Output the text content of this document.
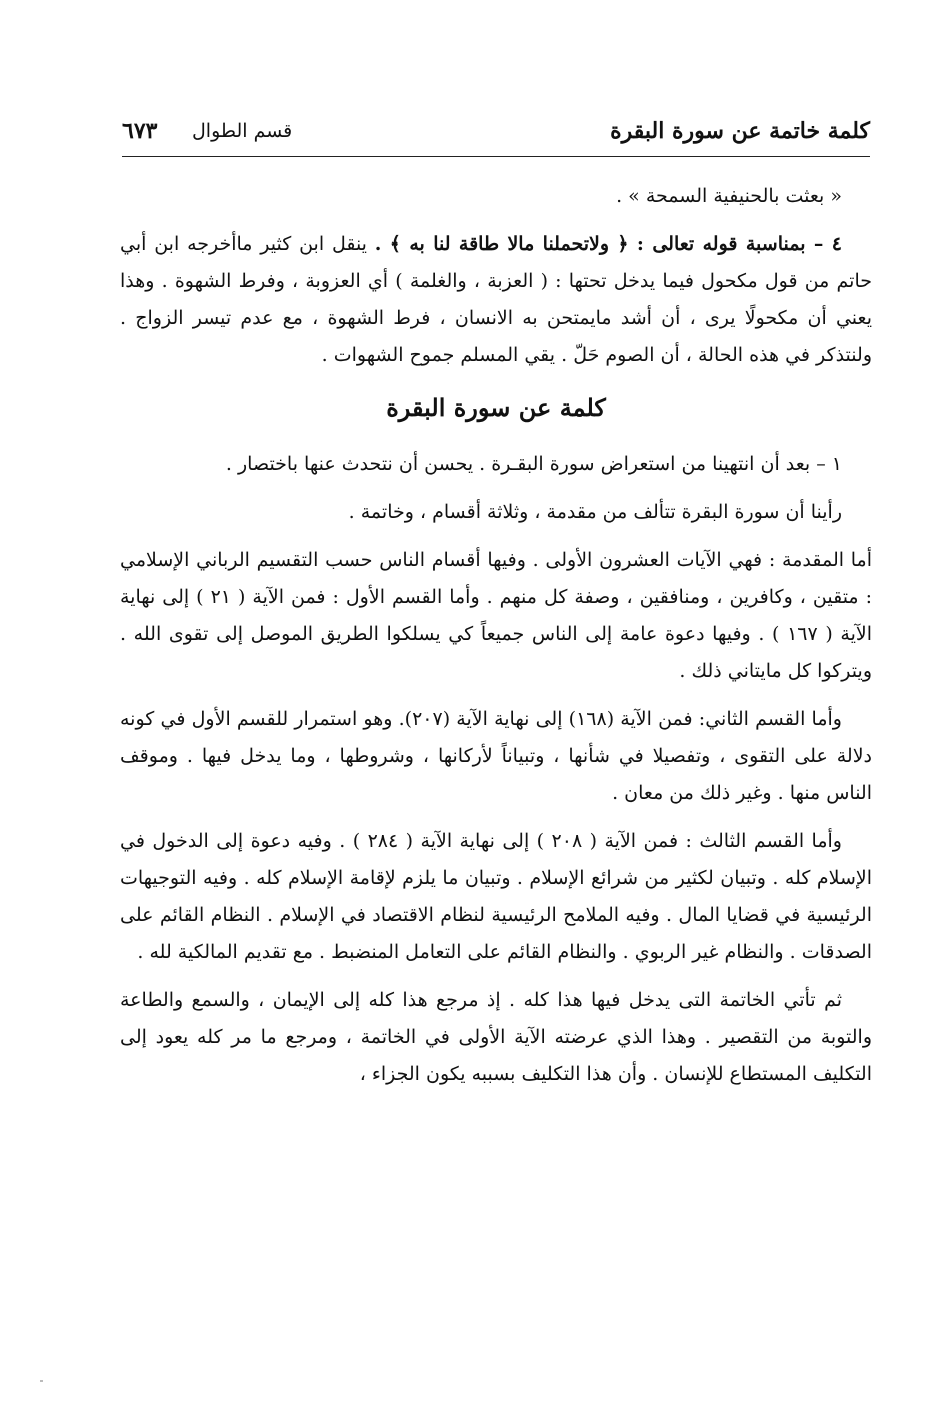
كلمة خاتمة عن سورة البقرة
قسم الطوال
٦٧٣

« بعثت بالحنيفية السمحة » .

٤ – بمناسبة قوله تعالى : ﴿ ولاتحملنا مالا طاقة لنا به ﴾ . ينقل ابن كثير ماأخرجه ابن أبي حاتم من قول مكحول فيما يدخل تحتها : ( العزبة ، والغلمة ) أي العزوبة ، وفرط الشهوة . وهذا يعني أن مكحولًا يرى ، أن أشد مايمتحن به الانسان ، فرط الشهوة ، مع عدم تيسر الزواج . ولنتذكر في هذه الحالة ، أن الصوم حَلّ . يقي المسلم جموح الشهوات .

كلمة عن سورة البقرة

١ – بعد أن انتهينا من استعراض سورة البقـرة . يحسن أن نتحدث عنها باختصار .

رأينا أن سورة البقرة تتألف من مقدمة ، وثلاثة أقسام ، وخاتمة .

أما المقدمة : فهي الآيات العشرون الأولى . وفيها أقسام الناس حسب التقسيم الرباني الإسلامي : متقين ، وكافرين ، ومنافقين ، وصفة كل منهم . وأما القسم الأول : فمن الآية ( ٢١ ) إلى نهاية الآية ( ١٦٧ ) . وفيها دعوة عامة إلى الناس جميعاً كي يسلكوا الطريق الموصل إلى تقوى الله . ويتركوا كل مايتاني ذلك .

وأما القسم الثاني: فمن الآية (١٦٨) إلى نهاية الآية (٢٠٧). وهو استمرار للقسم الأول في كونه دلالة على التقوى ، وتفصيلا في شأنها ، وتبياناً لأركانها ، وشروطها ، وما يدخل فيها . وموقف الناس منها . وغير ذلك من معان .

وأما القسم الثالث : فمن الآية ( ٢٠٨ ) إلى نهاية الآية ( ٢٨٤ ) . وفيه دعوة إلى الدخول في الإسلام كله . وتبيان لكثير من شرائع الإسلام . وتبيان ما يلزم لإقامة الإسلام كله . وفيه التوجيهات الرئيسية في قضايا المال . وفيه الملامح الرئيسية لنظام الاقتصاد في الإسلام . النظام القائم على الصدقات . والنظام غير الربوي . والنظام القائم على التعامل المنضبط . مع تقديم المالكية لله .

ثم تأتي الخاتمة التى يدخل فيها هذا كله . إذ مرجع هذا كله إلى الإيمان ، والسمع والطاعة والتوبة من التقصير . وهذا الذي عرضته الآية الأولى في الخاتمة ، ومرجع ما مر كله يعود إلى التكليف المستطاع للإنسان . وأن هذا التكليف بسببه يكون الجزاء ،
